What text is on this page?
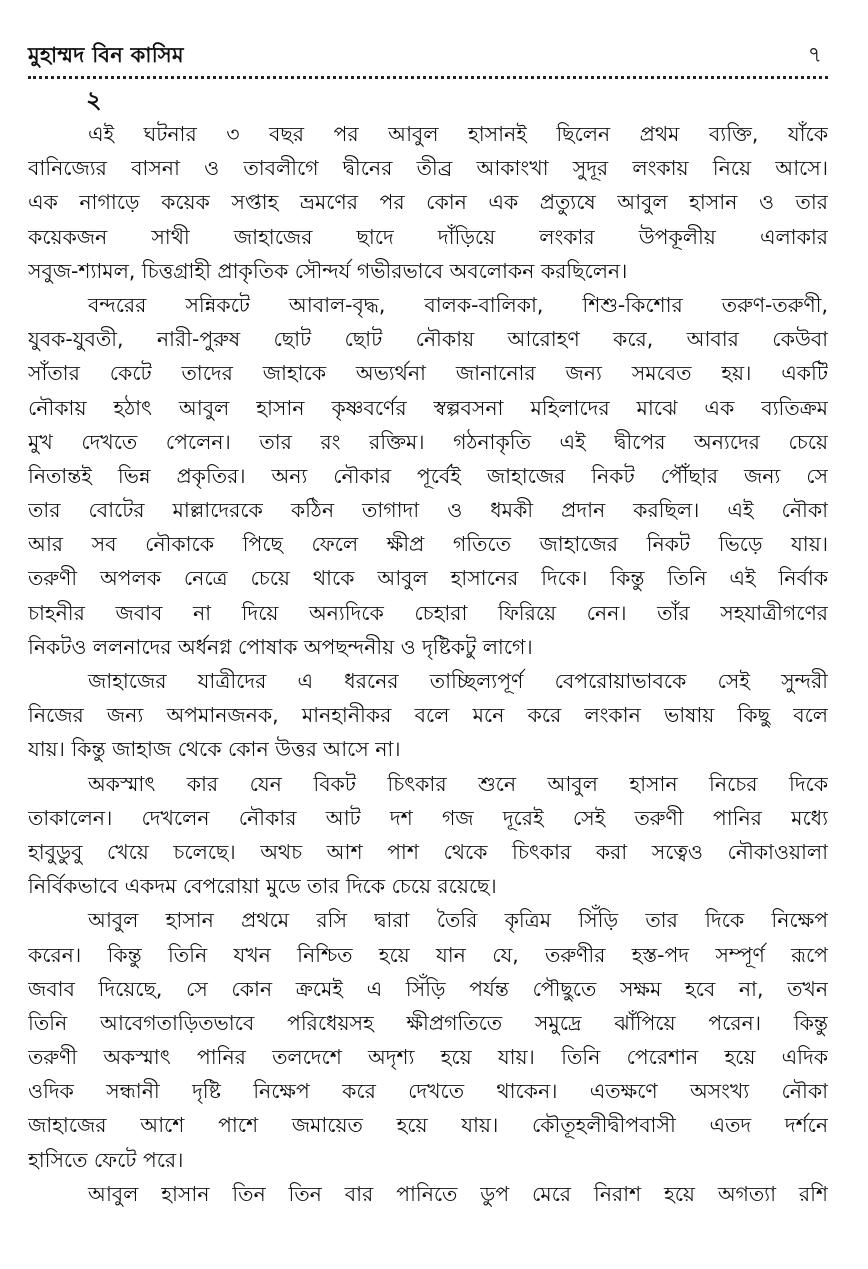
মুহাম্মদ বিন কাসিম	৭
২
এই ঘটনার ৩ বছর পর আবুল হাসানই ছিলেন প্রথম ব্যক্তি, যাঁকে
বানিজ্যের বাসনা ও তাবলীগে দ্বীনের তীব্র আকাংখা সুদূর লংকায় নিয়ে আসে।
এক নাগাড়ে কয়েক সপ্তাহ ভ্রমণের পর কোন এক প্রত্যুষে আবুল হাসান ও তার
কয়েকজন সাথী জাহাজের ছাদে দাঁড়িয়ে লংকার উপকূলীয় এলাকার
সবুজ-শ্যামল, চিত্তগ্রাহী প্রাকৃতিক সৌন্দর্য গভীরভাবে অবলোকন করছিলেন।
বন্দরের সন্নিকটে আবাল-বৃদ্ধ, বালক-বালিকা, শিশু-কিশোর তরুণ-তরুণী,
যুবক-যুবতী, নারী-পুরুষ ছোট ছোট নৌকায় আরোহণ করে, আবার কেউবা
সাঁতার কেটে তাদের জাহাকে অভ্যর্থনা জানানোর জন্য সমবেত হয়। একটি
নৌকায় হঠাৎ আবুল হাসান কৃষ্ণবর্ণের স্বল্পবসনা মহিলাদের মাঝে এক ব্যতিক্রম
মুখ দেখতে পেলেন। তার রং রক্তিম। গঠনাকৃতি এই দ্বীপের অন্যদের চেয়ে
নিতান্তই ভিন্ন প্রকৃতির। অন্য নৌকার পূর্বেই জাহাজের নিকট পৌঁছার জন্য সে
তার বোটের মাল্লাদেরকে কঠিন তাগাদা ও ধমকী প্রদান করছিল। এই নৌকা
আর সব নৌকাকে পিছে ফেলে ক্ষীপ্র গতিতে জাহাজের নিকট ভিড়ে যায়।
তরুণী অপলক নেত্রে চেয়ে থাকে আবুল হাসানের দিকে। কিন্তু তিনি এই নির্বাক
চাহনীর জবাব না দিয়ে অন্যদিকে চেহারা ফিরিয়ে নেন। তাঁর সহযাত্রীগণের
নিকটও ললনাদের অর্ধনগ্ন পোষাক অপছন্দনীয় ও দৃষ্টিকটু লাগে।
জাহাজের যাত্রীদের এ ধরনের তাচ্ছিল্যপূর্ণ বেপরোয়াভাবকে সেই সুন্দরী
নিজের জন্য অপমানজনক, মানহানীকর বলে মনে করে লংকান ভাষায় কিছু বলে
যায়। কিন্তু জাহাজ থেকে কোন উত্তর আসে না।
অকস্মাৎ কার যেন বিকট চিৎকার শুনে আবুল হাসান নিচের দিকে
তাকালেন। দেখলেন নৌকার আট দশ গজ দূরেই সেই তরুণী পানির মধ্যে
হাবুডুবু খেয়ে চলেছে। অথচ আশ পাশ থেকে চিৎকার করা সত্বেও নৌকাওয়ালা
নির্বিকভাবে একদম বেপরোয়া মুডে তার দিকে চেয়ে রয়েছে।
আবুল হাসান প্রথমে রসি দ্বারা তৈরি কৃত্রিম সিঁড়ি তার দিকে নিক্ষেপ
করেন। কিন্তু তিনি যখন নিশ্চিত হয়ে যান যে, তরুণীর হস্ত-পদ সম্পূর্ণ রূপে
জবাব দিয়েছে, সে কোন ক্রমেই এ সিঁড়ি পর্যন্ত পৌছুতে সক্ষম হবে না, তখন
তিনি আবেগতাড়িতভাবে পরিধেয়সহ ক্ষীপ্রগতিতে সমুদ্রে ঝাঁপিয়ে পরেন। কিন্তু
তরুণী অকস্মাৎ পানির তলদেশে অদৃশ্য হয়ে যায়। তিনি পেরেশান হয়ে এদিক
ওদিক সন্ধানী দৃষ্টি নিক্ষেপ করে দেখতে থাকেন। এতক্ষণে অসংখ্য নৌকা
জাহাজের আশে পাশে জমায়েত হয়ে যায়। কৌতূহলীদ্বীপবাসী এতদ দর্শনে
হাসিতে ফেটে পরে।
আবুল হাসান তিন তিন বার পানিতে ডুপ মেরে নিরাশ হয়ে অগত্যা রশি
